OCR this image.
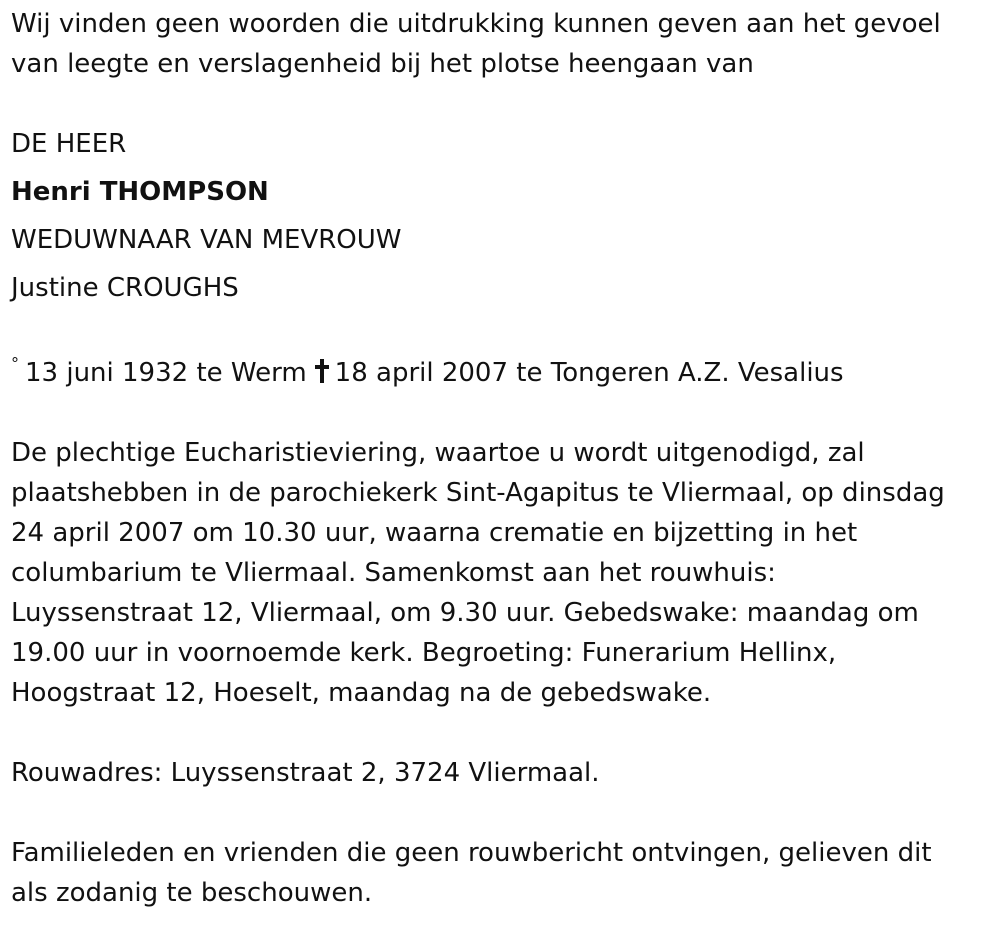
Wij vinden geen woorden die uitdrukking kunnen geven aan het gevoel
van leegte en verslagenheid bij het plotse heengaan van
DE HEER
Henri THOMPSON
WEDUWNAAR VAN MEVROUW
Justine CROUGHS
° 13 juni 1932 te Werm 18 april 2007 te Tongeren A.Z. Vesalius
De plechtige Eucharistieviering, waartoe u wordt uitgenodigd, zal
plaatshebben in de parochiekerk Sint-Agapitus te Vliermaal, op dinsdag
24 april 2007 om 10.30 uur, waarna crematie en bijzetting in het
columbarium te Vliermaal. Samenkomst aan het rouwhuis:
Luyssenstraat 12, Vliermaal, om 9.30 uur. Gebedswake: maandag om
19.00 uur in voornoemde kerk. Begroeting: Funerarium Hellinx,
Hoogstraat 12, Hoeselt, maandag na de gebedswake.
Rouwadres: Luyssenstraat 2, 3724 Vliermaal.
Familieleden en vrienden die geen rouwbericht ontvingen, gelieven dit
als zodanig te beschouwen.
